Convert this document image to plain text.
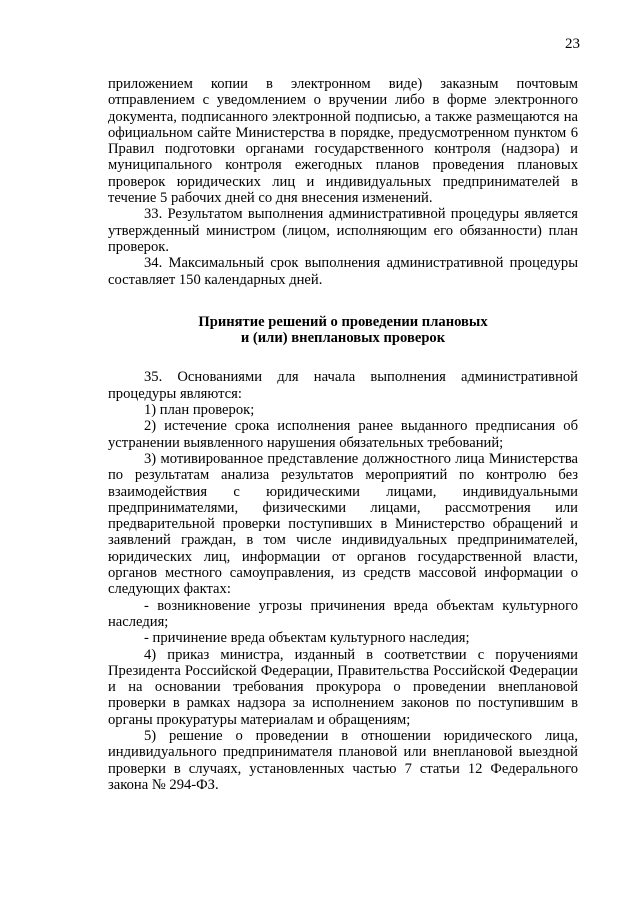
23

приложением копии в электронном виде) заказным почтовым отправлением с уведомлением о вручении либо в форме электронного документа, подписанного электронной подписью, а также размещаются на официальном сайте Министерства в порядке, предусмотренном пунктом 6 Правил подготовки органами государственного контроля (надзора) и муниципального контроля ежегодных планов проведения плановых проверок юридических лиц и индивидуальных предпринимателей в течение 5 рабочих дней со дня внесения изменений.

33. Результатом выполнения административной процедуры является утвержденный министром (лицом, исполняющим его обязанности) план проверок.

34. Максимальный срок выполнения административной процедуры составляет 150 календарных дней.

Принятие решений о проведении плановых
и (или) внеплановых проверок

35. Основаниями для начала выполнения административной процедуры являются:

1) план проверок;

2) истечение срока исполнения ранее выданного предписания об устранении выявленного нарушения обязательных требований;

3) мотивированное представление должностного лица Министерства по результатам анализа результатов мероприятий по контролю без взаимодействия с юридическими лицами, индивидуальными предпринимателями, физическими лицами, рассмотрения или предварительной проверки поступивших в Министерство обращений и заявлений граждан, в том числе индивидуальных предпринимателей, юридических лиц, информации от органов государственной власти, органов местного самоуправления, из средств массовой информации о следующих фактах:

- возникновение угрозы причинения вреда объектам культурного наследия;

- причинение вреда объектам культурного наследия;

4) приказ министра, изданный в соответствии с поручениями Президента Российской Федерации, Правительства Российской Федерации и на основании требования прокурора о проведении внеплановой проверки в рамках надзора за исполнением законов по поступившим в органы прокуратуры материалам и обращениям;

5) решение о проведении в отношении юридического лица, индивидуального предпринимателя плановой или внеплановой выездной проверки в случаях, установленных частью 7 статьи 12 Федерального закона № 294-ФЗ.
